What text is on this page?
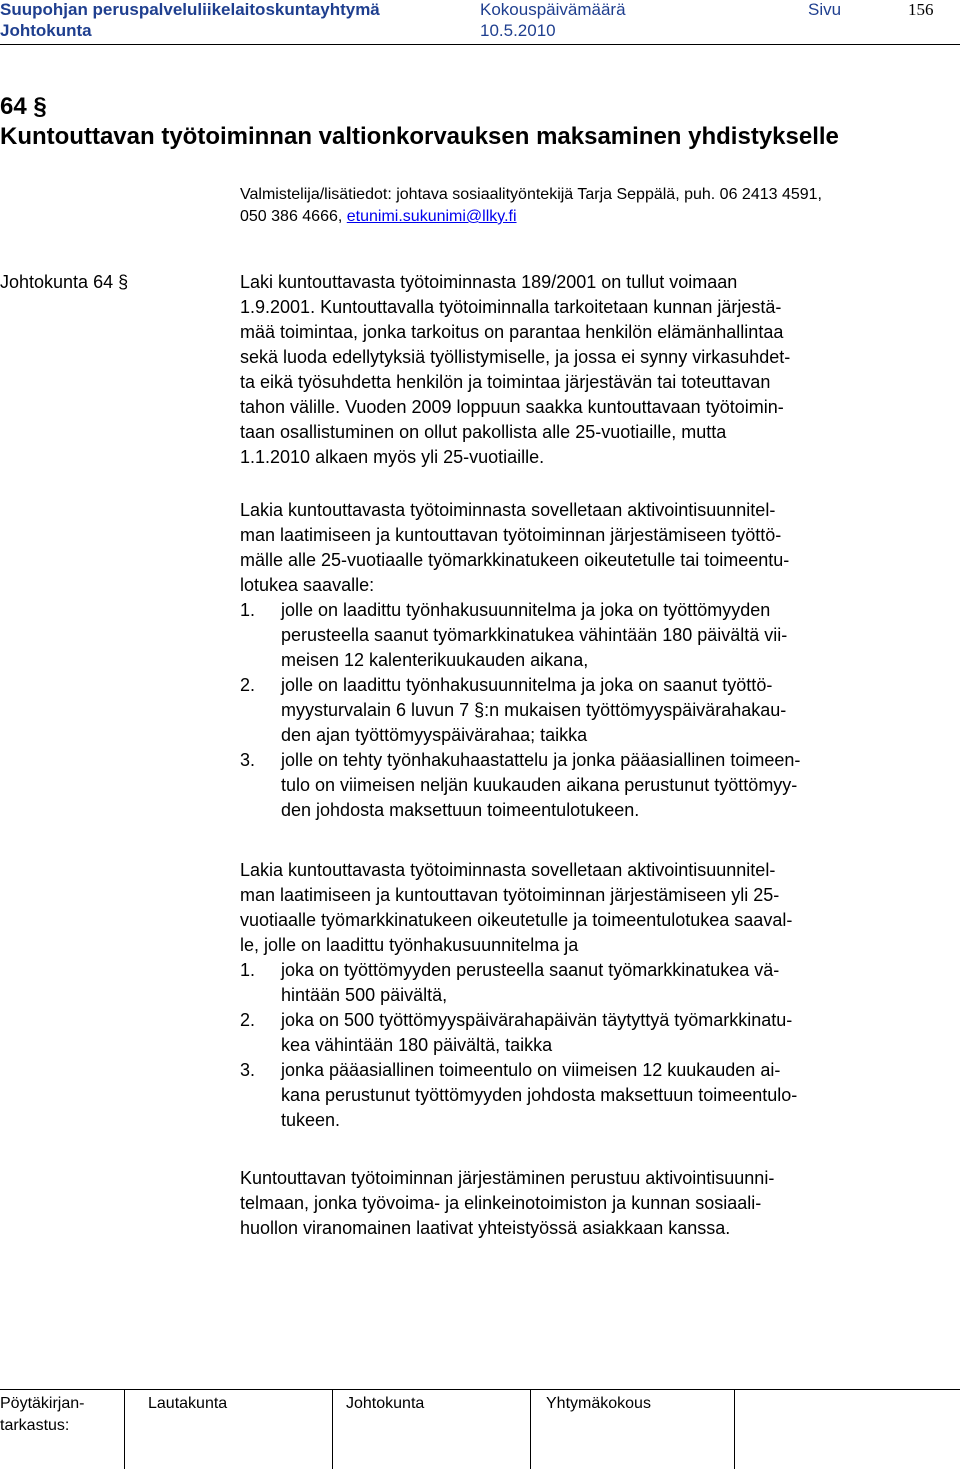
Suupohjan peruspalveluliikelaitoskuntayhtymä	Kokouspäivämäärä	Sivu	156
Johtokunta	10.5.2010
64 §
Kuntouttavan työtoiminnan valtionkorvauksen maksaminen yhdistykselle
Valmistelija/lisätiedot: johtava sosiaalityöntekijä Tarja Seppälä, puh. 06 2413 4591,
050 386 4666, etunimi.sukunimi@llky.fi
Johtokunta 64 §	Laki kuntouttavasta työtoiminnasta 189/2001 on tullut voimaan
1.9.2001. Kuntouttavalla työtoiminnalla tarkoitetaan kunnan järjestä-
mää toimintaa, jonka tarkoitus on parantaa henkilön elämänhallintaa
sekä luoda edellytyksiä työllistymiselle, ja jossa ei synny virkasuhdet-
ta eikä työsuhdetta henkilön ja toimintaa järjestävän tai toteuttavan
tahon välille. Vuoden 2009 loppuun saakka kuntouttavaan työtoimin-
taan osallistuminen on ollut pakollista alle 25-vuotiaille, mutta
1.1.2010 alkaen myös yli 25-vuotiaille.
Lakia kuntouttavasta työtoiminnasta sovelletaan aktivointisuunnitel-
man laatimiseen ja kuntouttavan työtoiminnan järjestämiseen työttö-
mälle alle 25-vuotiaalle työmarkkinatukeen oikeutetulle tai toimeentu-
lotukea saavalle:
1.	jolle on laadittu työnhakusuunnitelma ja joka on työttömyyden
perusteella saanut työmarkkinatukea vähintään 180 päivältä vii-
meisen 12 kalenterikuukauden aikana,
2.	jolle on laadittu työnhakusuunnitelma ja joka on saanut työttö-
myysturvalain 6 luvun 7 §:n mukaisen työttömyyspäivärahakau-
den ajan työttömyyspäivärahaa; taikka
3.	jolle on tehty työnhakuhaastattelu ja jonka pääasiallinen toimeen-
tulo on viimeisen neljän kuukauden aikana perustunut työttömyy-
den johdosta maksettuun toimeentulotukeen.
Lakia kuntouttavasta työtoiminnasta sovelletaan aktivointisuunnitel-
man laatimiseen ja kuntouttavan työtoiminnan järjestämiseen yli 25-
vuotiaalle työmarkkinatukeen oikeutetulle ja toimeentulotukea saaval-
le, jolle on laadittu työnhakusuunnitelma ja
1.	joka on työttömyyden perusteella saanut työmarkkinatukea vä-
hintään 500 päivältä,
2.	joka on 500 työttömyyspäivärahapäivän täytyttyä työmarkkinatu-
kea vähintään 180 päivältä, taikka
3.	jonka pääasiallinen toimeentulo on viimeisen 12 kuukauden ai-
kana perustunut työttömyyden johdosta maksettuun toimeentulo-
tukeen.
Kuntouttavan työtoiminnan järjestäminen perustuu aktivointisuunni-
telmaan, jonka työvoima- ja elinkeinotoimiston ja kunnan sosiaali-
huollon viranomainen laativat yhteistyössä asiakkaan kanssa.
Pöytäkirjan-
tarkastus:
Lautakunta	Johtokunta	Yhtymäkokous
